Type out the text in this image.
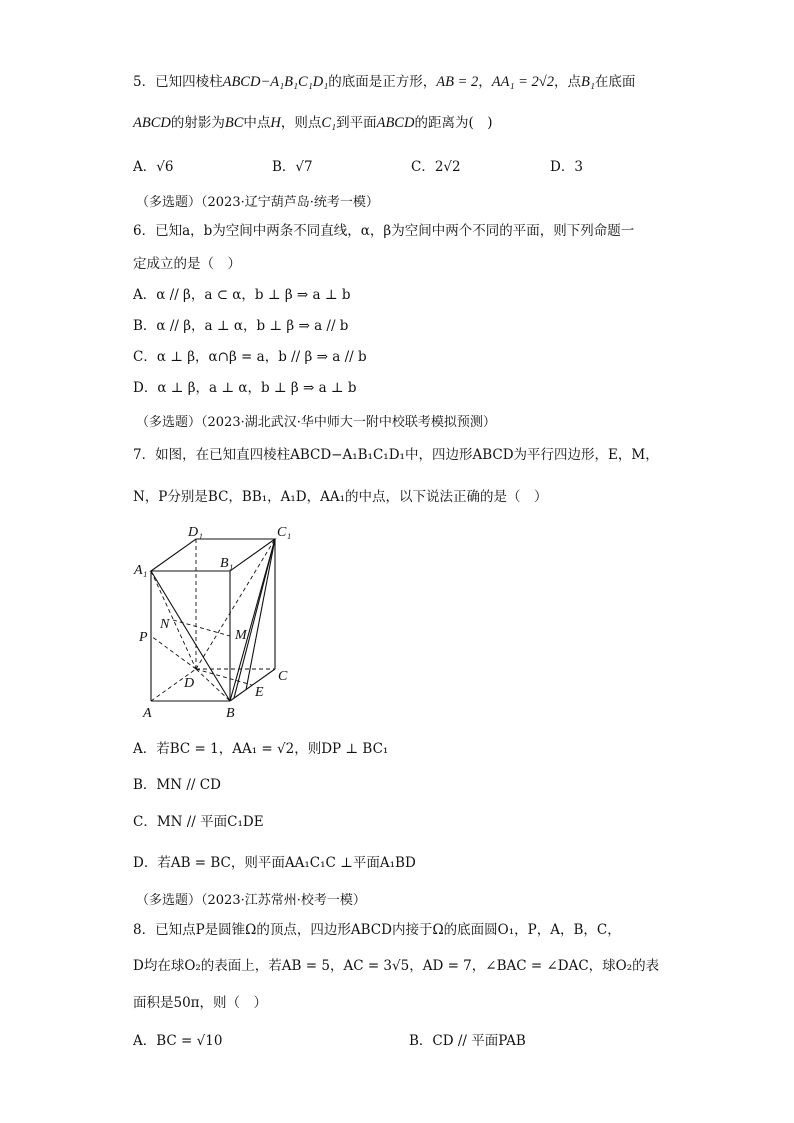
5．已知四棱柱ABCD−A₁B₁C₁D₁的底面是正方形，AB = 2，AA₁ = 2√2，点B₁在底面
ABCD的射影为BC中点H，则点C₁到平面ABCD的距离为(　)
A．√6	B．√7	C．2√2	D．3
（多选题）（2023·辽宁葫芦岛·统考一模）
6．已知a，b为空间中两条不同直线，α，β为空间中两个不同的平面，则下列命题一
定成立的是（　）
A．α // β，a ⊂ α，b ⊥ β ⇒ a ⊥ b
B．α // β，a ⊥ α，b ⊥ β ⇒ a // b
C．α ⊥ β，α∩β = a，b // β ⇒ a // b
D．α ⊥ β，a ⊥ α，b ⊥ β ⇒ a ⊥ b
（多选题）（2023·湖北武汉·华中师大一附中校联考模拟预测）
7．如图，在已知直四棱柱ABCD−A₁B₁C₁D₁中，四边形ABCD为平行四边形，E，M，
N，P分别是BC，BB₁，A₁D，AA₁的中点，以下说法正确的是（　）
D₁	C₁
A₁	B₁
P
N
M
D	C
E
A	B
A．若BC = 1，AA₁ = √2，则DP ⊥ BC₁
B．MN // CD
C．MN // 平面C₁DE
D．若AB = BC，则平面AA₁C₁C ⊥平面A₁BD
（多选题）（2023·江苏常州·校考一模）
8．已知点P是圆锥Ω的顶点，四边形ABCD内接于Ω的底面圆O₁，P，A，B，C，
D均在球O₂的表面上，若AB = 5，AC = 3√5，AD = 7，∠BAC = ∠DAC，球O₂的表
面积是50π，则（　）
A．BC = √10	B．CD // 平面PAB
